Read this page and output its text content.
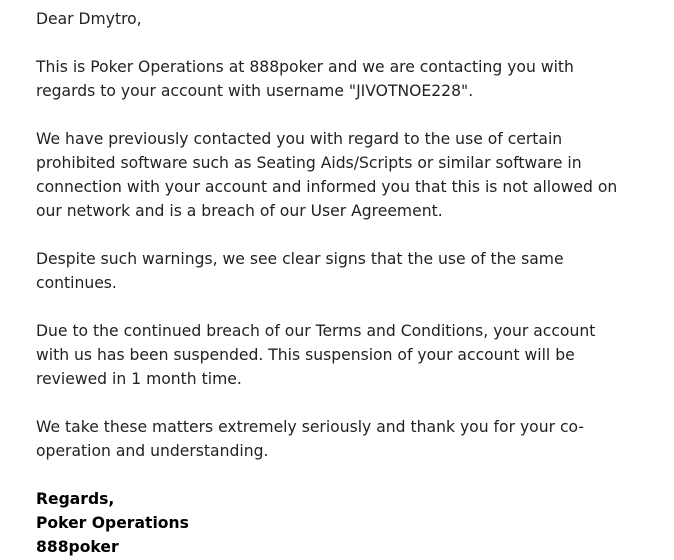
Dear Dmytro,

This is Poker Operations at 888poker and we are contacting you with
regards to your account with username "JIVOTNOE228".

We have previously contacted you with regard to the use of certain
prohibited software such as Seating Aids/Scripts or similar software in
connection with your account and informed you that this is not allowed on
our network and is a breach of our User Agreement.

Despite such warnings, we see clear signs that the use of the same
continues.

Due to the continued breach of our Terms and Conditions, your account
with us has been suspended. This suspension of your account will be
reviewed in 1 month time.

We take these matters extremely seriously and thank you for your co-
operation and understanding.

Regards,
Poker Operations
888poker
